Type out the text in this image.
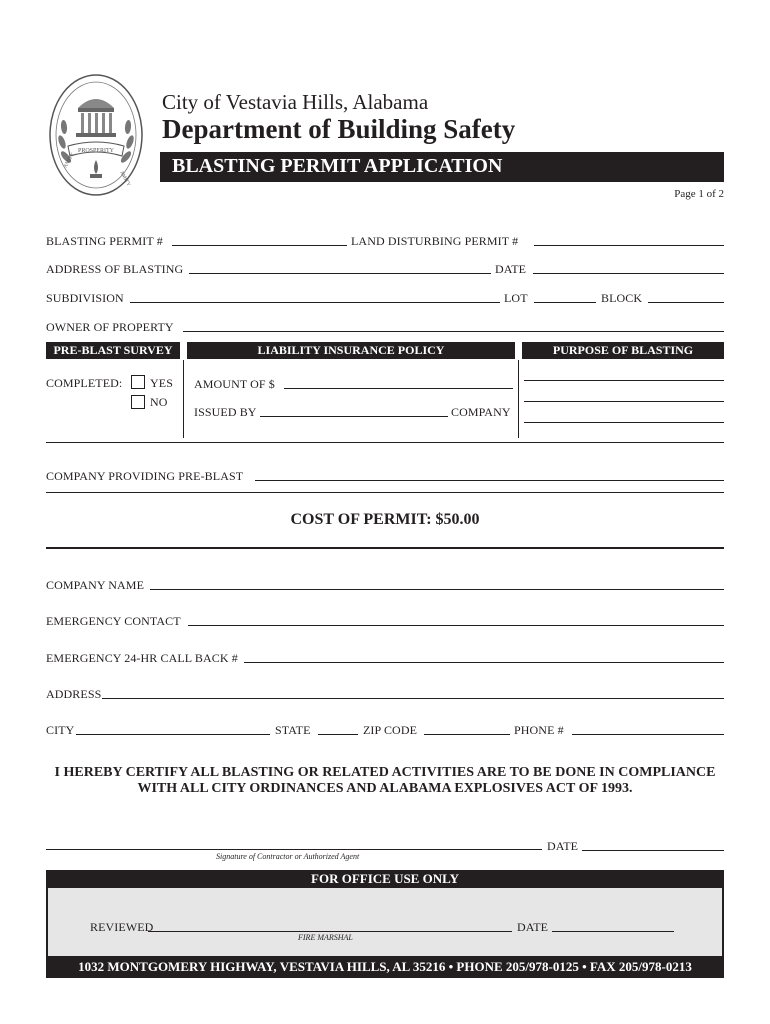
PROSPERITY
AMITY
AMITY
City of Vestavia Hills, Alabama
Department of Building Safety
BLASTING PERMIT APPLICATION
Page 1 of 2
BLASTING PERMIT #	LAND DISTURBING PERMIT #
ADDRESS OF BLASTING	DATE
SUBDIVISION	LOT	BLOCK
OWNER OF PROPERTY
PRE-BLAST SURVEY	LIABILITY INSURANCE POLICY	PURPOSE OF BLASTING
COMPLETED: YES
NO
AMOUNT OF $
ISSUED BY	COMPANY
COMPANY PROVIDING PRE-BLAST
COST OF PERMIT: $50.00
COMPANY NAME
EMERGENCY CONTACT
EMERGENCY 24-HR CALL BACK #
ADDRESS
CITY	STATE	ZIP CODE	PHONE #
I HEREBY CERTIFY ALL BLASTING OR RELATED ACTIVITIES ARE TO BE DONE IN COMPLIANCE
WITH ALL CITY ORDINANCES AND ALABAMA EXPLOSIVES ACT OF 1993.
Signature of Contractor or Authorized Agent
DATE
FOR OFFICE USE ONLY
REVIEWED
FIRE MARSHAL
DATE
1032 MONTGOMERY HIGHWAY, VESTAVIA HILLS, AL 35216 • PHONE 205/978-0125 • FAX 205/978-0213
